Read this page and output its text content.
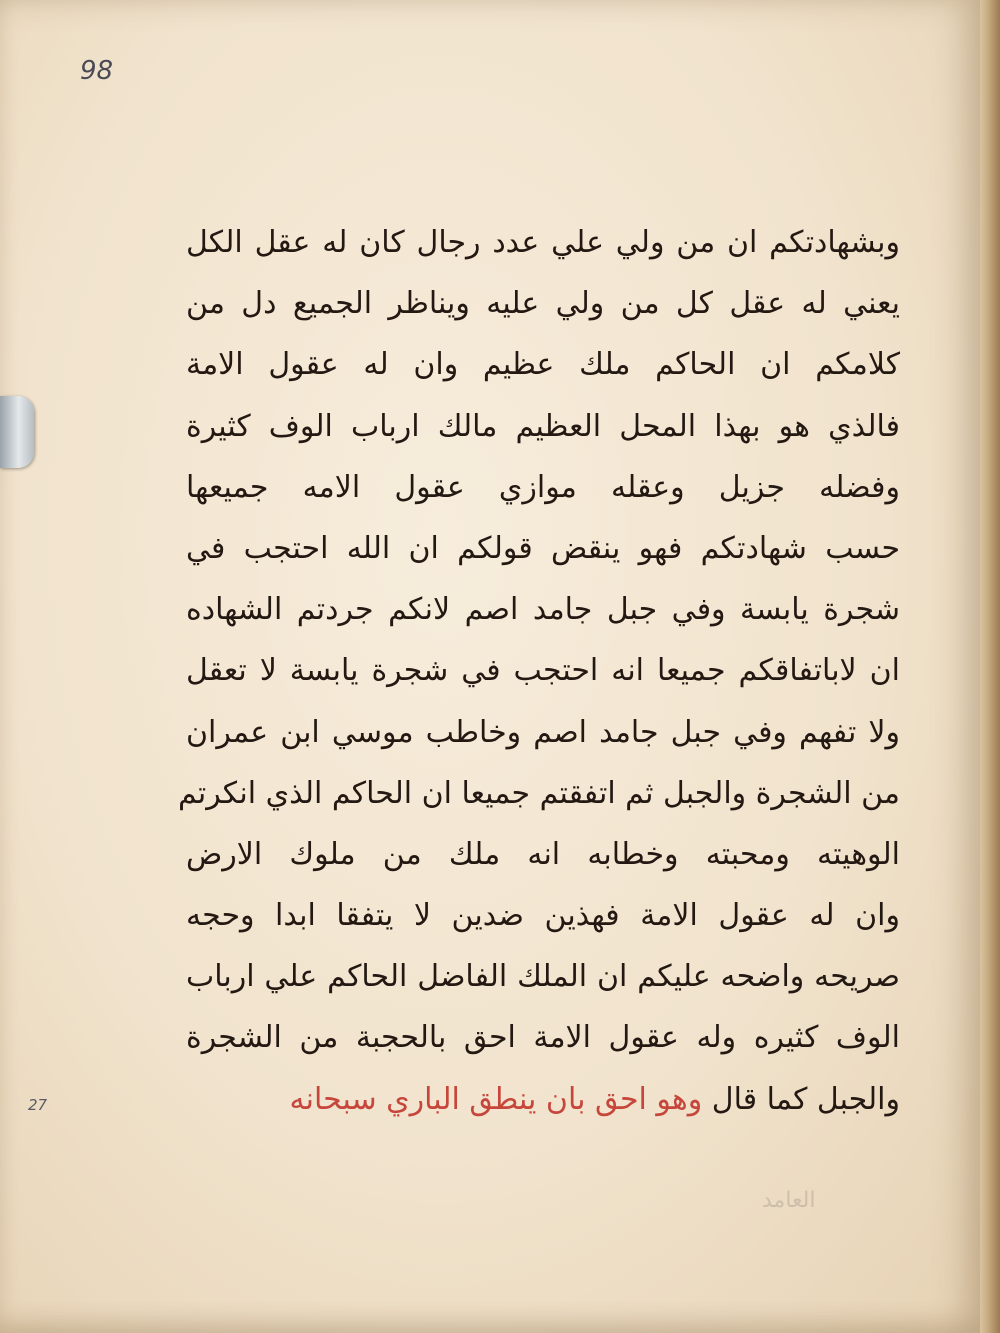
98
وبشهادتكم ان من ولي علي عدد رجال كان له عقل الكل
يعني له عقل كل من ولي عليه ويناظر الجميع دل من
كلامكم ان الحاكم ملك عظيم وان له عقول الامة
فالذي هو بهذا المحل العظيم مالك ارباب الوف كثيرة
وفضله جزيل وعقله موازي عقول الامه جميعها
حسب شهادتكم فهو ينقض قولكم ان الله احتجب في
شجرة يابسة وفي جبل جامد اصم لانكم جردتم الشهاده
ان لاباتفاقكم جميعا انه احتجب في شجرة يابسة لا تعقل
ولا تفهم وفي جبل جامد اصم وخاطب موسي ابن عمران
من الشجرة والجبل ثم اتفقتم جميعا ان الحاكم الذي انكرتم
الوهيته ومحبته وخطابه انه ملك من ملوك الارض
وان له عقول الامة فهذين ضدين لا يتفقا ابدا وحجه
صريحه واضحه عليكم ان الملك الفاضل الحاكم علي ارباب
الوف كثيره وله عقول الامة احق بالحجبة من الشجرة
والجبل كما قال وهو احق بان ينطق الباري سبحانه
27
العامد
